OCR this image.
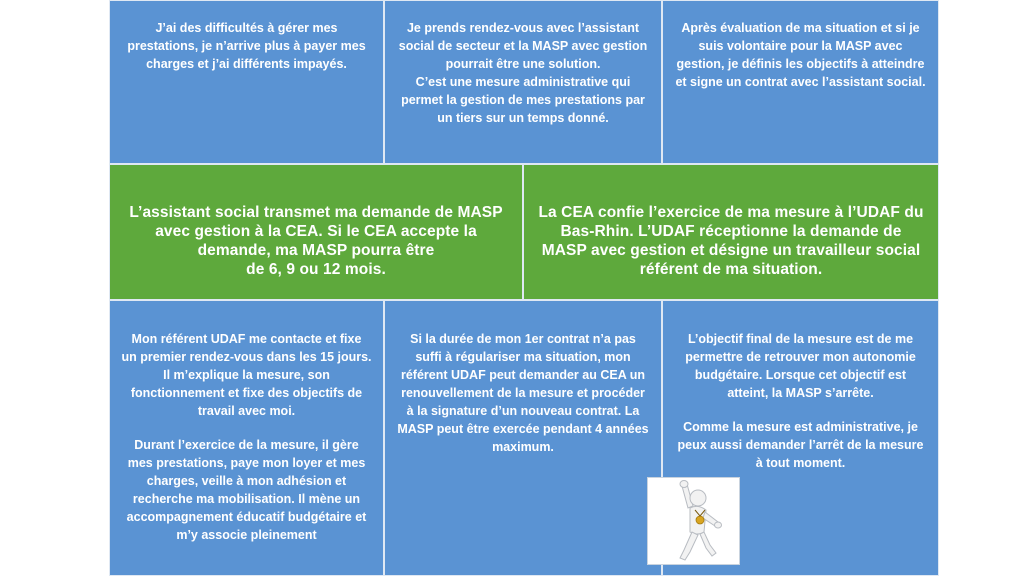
J’ai des difficultés à gérer mes
prestations, je n’arrive plus à payer mes
charges et j’ai différents impayés.
Je prends rendez-vous avec l’assistant
social de secteur et la MASP avec gestion
pourrait être une solution.
C’est une mesure administrative qui
permet la gestion de mes prestations par
un tiers sur un temps donné.
Après évaluation de ma situation et si je
suis volontaire pour la MASP avec
gestion, je définis les objectifs à atteindre
et signe un contrat avec l’assistant social.
L’assistant social transmet ma demande de MASP
avec gestion à la CEA. Si le CEA accepte la
demande, ma MASP pourra être
de 6, 9 ou 12 mois.
La CEA confie l’exercice de ma mesure à l’UDAF du
Bas-Rhin. L’UDAF réceptionne la demande de
MASP avec gestion et désigne un travailleur social
référent de ma situation.
Mon référent UDAF me contacte et fixe
un premier rendez-vous dans les 15 jours.
Il m’explique la mesure, son
fonctionnement et fixe des objectifs de
travail avec moi.
Durant l’exercice de la mesure, il gère
mes prestations, paye mon loyer et mes
charges, veille à mon adhésion et
recherche ma mobilisation. Il mène un
accompagnement éducatif budgétaire et
m’y associe pleinement
Si la durée de mon 1er contrat n’a pas
suffi à régulariser ma situation, mon
référent UDAF peut demander au CEA un
renouvellement de la mesure et procéder
à la signature d’un nouveau contrat. La
MASP peut être exercée pendant 4 années
maximum.
L’objectif final de la mesure est de me
permettre de retrouver mon autonomie
budgétaire. Lorsque cet objectif est
atteint, la MASP s’arrête.
Comme la mesure est administrative, je
peux aussi demander l’arrêt de la mesure
à tout moment.
